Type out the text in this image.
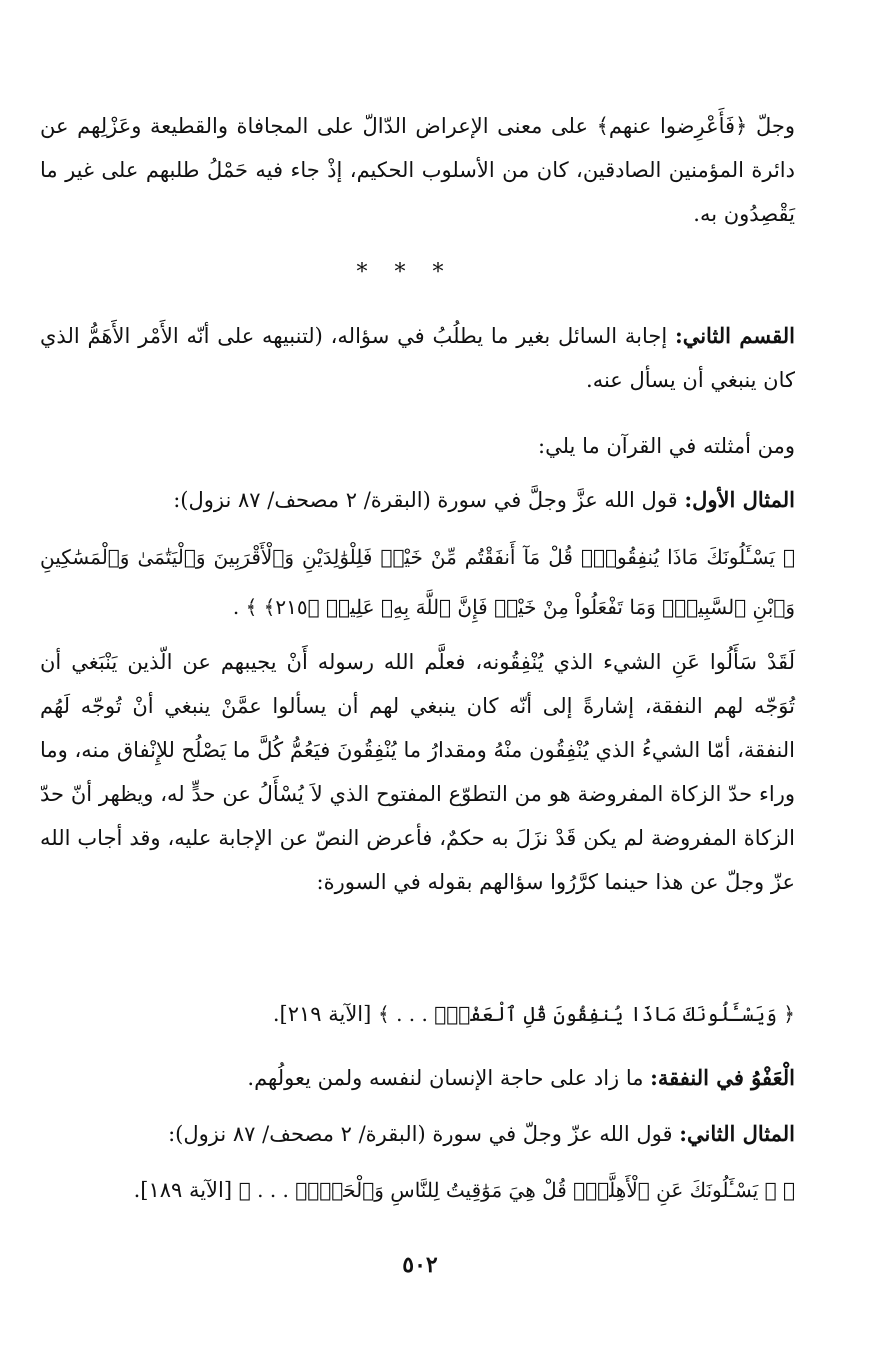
وجلّ ﴿فَأَعْرِضوا عنهم﴾ على معنى الإعراض الدّالّ على المجافاة والقطيعة وعَزْلِهم عن دائرة المؤمنين الصادقين، كان من الأسلوب الحكيم، إذْ جاء فيه حَمْلُ طلبهم على غير ما يَقْصِدُون به.

* * *

القسم الثاني: إجابة السائل بغير ما يطلُبُ في سؤاله، (لتنبيهه على أنّه الأَمْر الأَهَمُّ الذي كان ينبغي أن يسأل عنه.

ومن أمثلته في القرآن ما يلي:

المثال الأول: قول الله عزَّ وجلَّ في سورة (البقرة/ ٢ مصحف/ ٨٧ نزول):

﴿ يَسْـَٔلُونَكَ مَاذَا يُنفِقُونَۖ قُلْ مَآ أَنفَقْتُم مِّنْ خَيْرٖ فَلِلْوَٰلِدَيْنِ وَٱلْأَقْرَبِينَ وَٱلْيَتَٰمَىٰ وَٱلْمَسَٰكِينِ وَٱبْنِ ٱلسَّبِيلِۗ وَمَا تَفْعَلُواْ مِنْ خَيْرٖ فَإِنَّ ٱللَّهَ بِهِۦ عَلِيمٞ ﴿٢١٥﴾ ﴾ .

لَقَدْ سَأَلُوا عَنِ الشيء الذي يُنْفِقُونه، فعلَّم الله رسوله أَنْ يجيبهم عن الّذين يَنْبَغي أن تُوَجّه لهم النفقة، إشارةً إلى أنّه كان ينبغي لهم أن يسألوا عمَّنْ ينبغي أنْ تُوجّه لَهُم النفقة، أمّا الشيءُ الذي يُنْفِقُون منْهُ ومقدارُ ما يُنْفِقُونَ فيَعُمُّ كُلَّ ما يَصْلُح للإِنْفاق منه، وما وراء حدّ الزكاة المفروضة هو من التطوّع المفتوح الذي لاَ يُسْأَلُ عن حدٍّ له، ويظهر أنّ حدّ الزكاة المفروضة لم يكن قَدْ نزَلَ به حكمٌ، فأعرض النصّ عن الإجابة عليه، وقد أجاب الله عزّ وجلّ عن هذا حينما كرَّرُوا سؤالهم بقوله في السورة:

﴿ وَيَسْـَٔلُونَكَ مَاذَا يُنفِقُونَ قُلِ ٱلْعَفْوَۗ . . . ﴾ [الآية ٢١٩].

الْعَفْوُ في النفقة: ما زاد على حاجة الإنسان لنفسه ولمن يعولُهم.

المثال الثاني: قول الله عزّ وجلّ في سورة (البقرة/ ٢ مصحف/ ٨٧ نزول):

﴿ ۞ يَسْـَٔلُونَكَ عَنِ ٱلْأَهِلَّةِۖ قُلْ هِيَ مَوَٰقِيتُ لِلنَّاسِ وَٱلْحَجِّۗ . . . ﴾ [الآية ١٨٩].

٥٠٢
